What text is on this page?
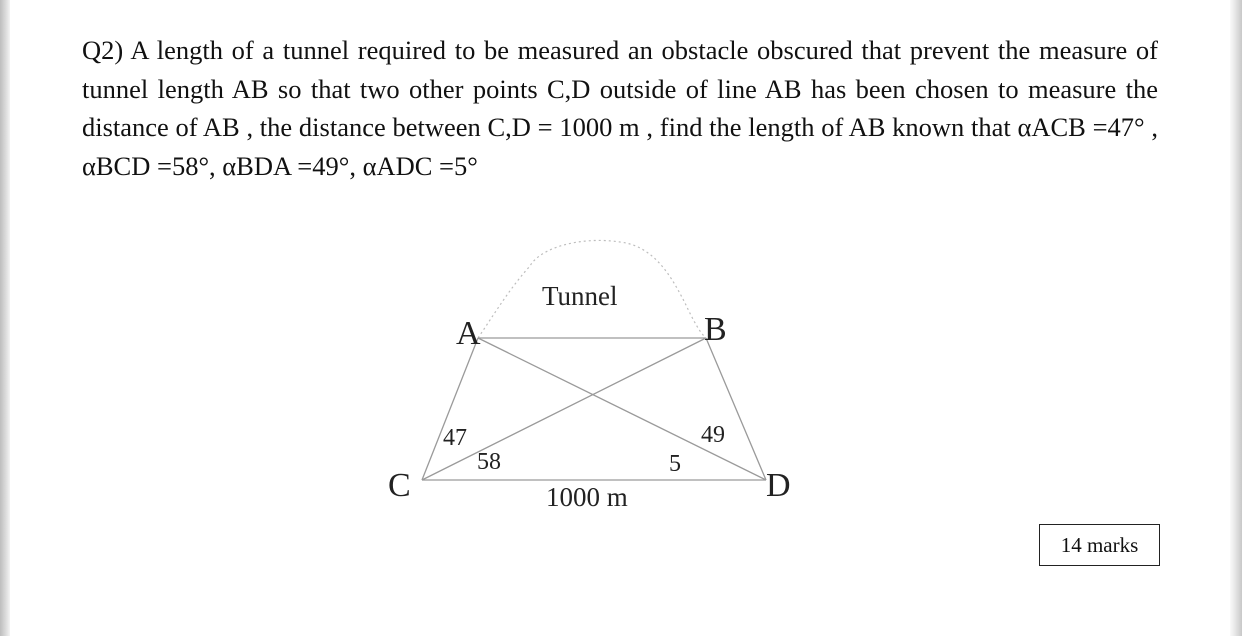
Q2) A length of a tunnel required to be measured an obstacle obscured that prevent the measure of tunnel length AB so that two other points C,D outside of line AB has been chosen to measure the distance of AB , the distance between C,D = 1000 m , find the length of AB known that αACB =47° , αBCD =58°, αBDA =49°, αADC =5°

Tunnel
A	B
C	D
47
58
49
5
1000 m
14 marks
